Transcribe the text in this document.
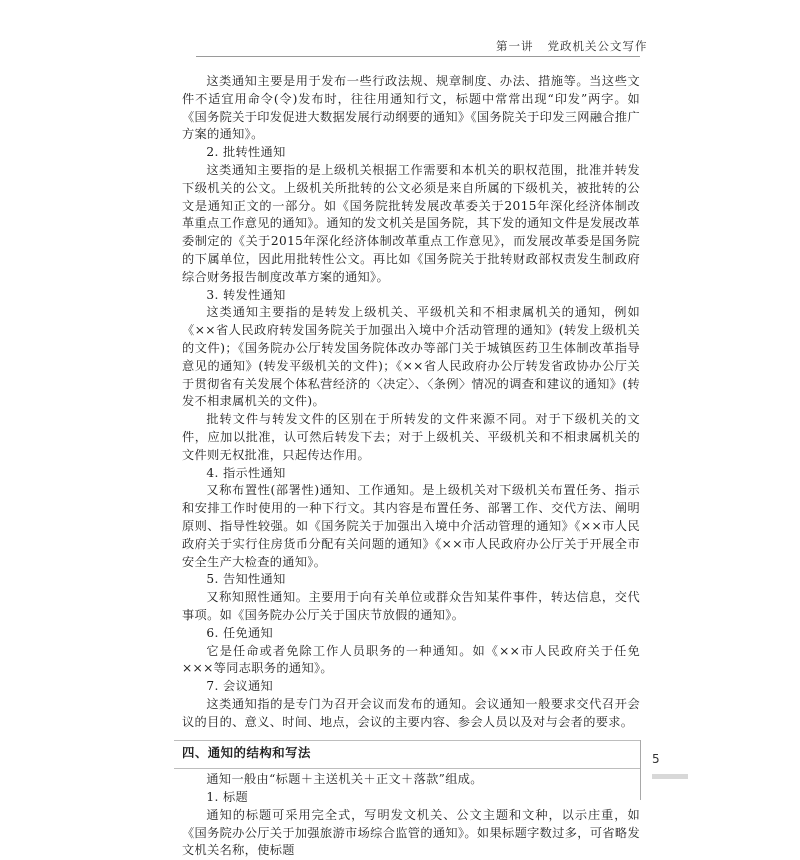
第一讲 党政机关公文写作

这类通知主要是用于发布一些行政法规、规章制度、办法、措施等。当这些文件不适宜用命令(令)发布时，往往用通知行文，标题中常常出现“印发”两字。如《国务院关于印发促进大数据发展行动纲要的通知》《国务院关于印发三网融合推广方案的通知》。

2. 批转性通知

这类通知主要指的是上级机关根据工作需要和本机关的职权范围，批准并转发下级机关的公文。上级机关所批转的公文必须是来自所属的下级机关，被批转的公文是通知正文的一部分。如《国务院批转发展改革委关于2015年深化经济体制改革重点工作意见的通知》。通知的发文机关是国务院，其下发的通知文件是发展改革委制定的《关于2015年深化经济体制改革重点工作意见》，而发展改革委是国务院的下属单位，因此用批转性公文。再比如《国务院关于批转财政部权责发生制政府综合财务报告制度改革方案的通知》。

3. 转发性通知

这类通知主要指的是转发上级机关、平级机关和不相隶属机关的通知，例如《××省人民政府转发国务院关于加强出入境中介活动管理的通知》(转发上级机关的文件)；《国务院办公厅转发国务院体改办等部门关于城镇医药卫生体制改革指导意见的通知》(转发平级机关的文件)；《××省人民政府办公厅转发省政协办公厅关于贯彻省有关发展个体私营经济的〈决定〉、〈条例〉情况的调查和建议的通知》(转发不相隶属机关的文件)。

批转文件与转发文件的区别在于所转发的文件来源不同。对于下级机关的文件，应加以批准，认可然后转发下去；对于上级机关、平级机关和不相隶属机关的文件则无权批准，只起传达作用。

4. 指示性通知

又称布置性(部署性)通知、工作通知。是上级机关对下级机关布置任务、指示和安排工作时使用的一种下行文。其内容是布置任务、部署工作、交代方法、阐明原则、指导性较强。如《国务院关于加强出入境中介活动管理的通知》《××市人民政府关于实行住房货币分配有关问题的通知》《××市人民政府办公厅关于开展全市安全生产大检查的通知》。

5. 告知性通知

又称知照性通知。主要用于向有关单位或群众告知某件事件，转达信息，交代事项。如《国务院办公厅关于国庆节放假的通知》。

6. 任免通知

它是任命或者免除工作人员职务的一种通知。如《××市人民政府关于任免×××等同志职务的通知》。

7. 会议通知

这类通知指的是专门为召开会议而发布的通知。会议通知一般要求交代召开会议的目的、意义、时间、地点，会议的主要内容、参会人员以及对与会者的要求。

四、通知的结构和写法

通知一般由“标题＋主送机关＋正文＋落款”组成。

1. 标题

通知的标题可采用完全式，写明发文机关、公文主题和文种，以示庄重，如《国务院办公厅关于加强旅游市场综合监管的通知》。如果标题字数过多，可省略发文机关名称，使标题

5
